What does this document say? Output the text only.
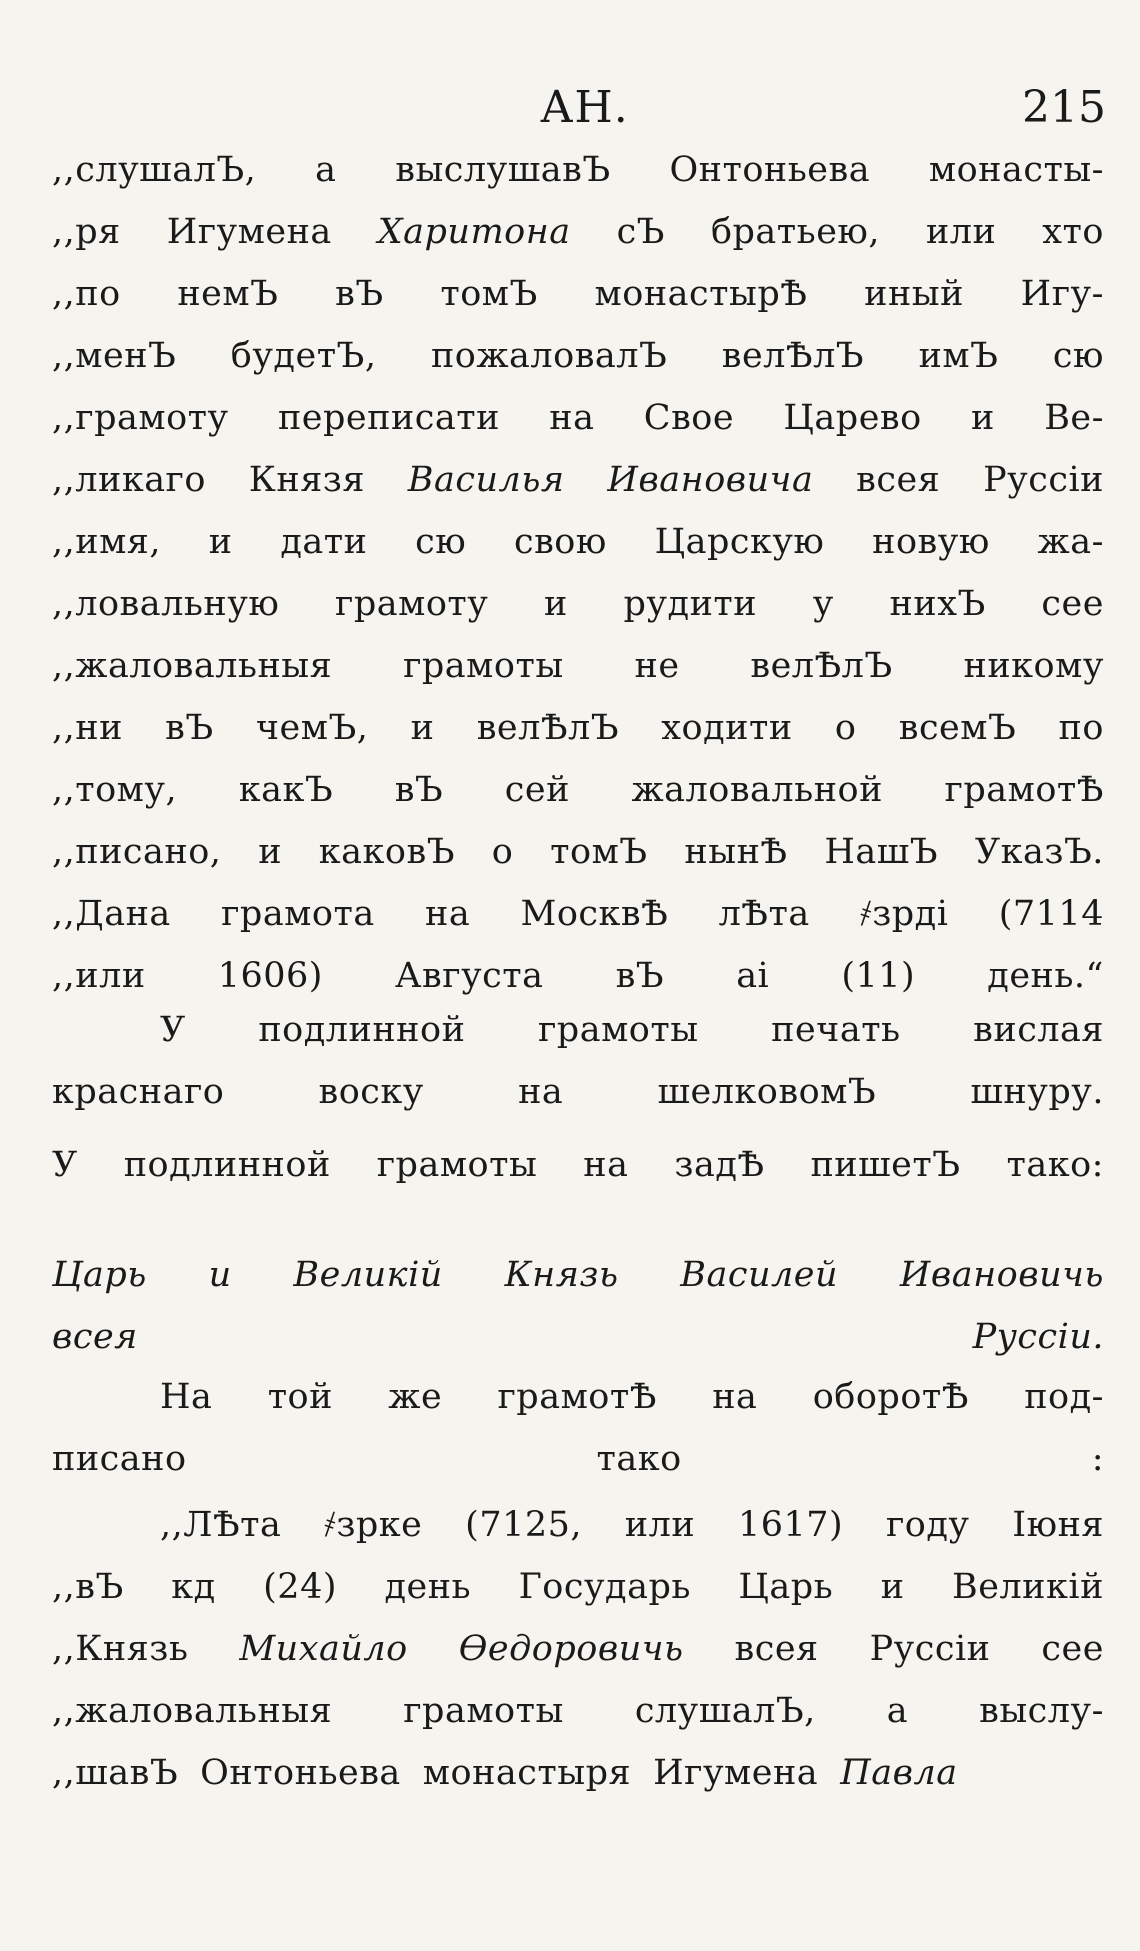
АН.	215
,,слушалЪ, а выслушавЪ Онтоньева монасты-
,,ря Игумена Харитона сЪ братьею, или хто
,,по немЪ вЪ томЪ монастырѢ иный Игу-
,,менЪ будетЪ, пожаловалЪ велѢлЪ имЪ сю
,,грамоту переписати на Свое Царево и Ве-
,,ликаго Князя Василья Ивановича всея Руссіи
,,имя, и дати сю свою Царскую новую жа-
,,ловальную грамоту и рудити у нихЪ сее
,,жаловальныя грамоты не велѢлЪ никому
,,ни вЪ чемЪ, и велѢлЪ ходити о всемЪ по
,,тому, какЪ вЪ сей жаловальной грамотѢ
,,писано, и каковЪ о томЪ нынѢ НашЪ УказЪ.
,,Дана грамота на МосквѢ лѢта ҂зрді (7114
,,или 1606) Августа вЪ аі (11) день.“
У подлинной грамоты печать вислая
краснаго	воску	на	шелковомЪ	шнуру.
У подлинной грамоты на задѢ пишетЪ тако:
Царь и Великій Князь Василей Ивановичь
всея	Руссіи.
На той же грамотѢ на оборотѢ под-
писано	тако	:
,,ЛѢта ҂зрке (7125, или 1617) году Іюня
,,вЪ кд (24) день Государь Царь и Великій
,,Князь Михайло Ѳедоровичь всея Руссіи сее
,,жаловальныя грамоты слушалЪ, а выслу-
,,шавЪ Онтоньева монастыря Игумена Павла
